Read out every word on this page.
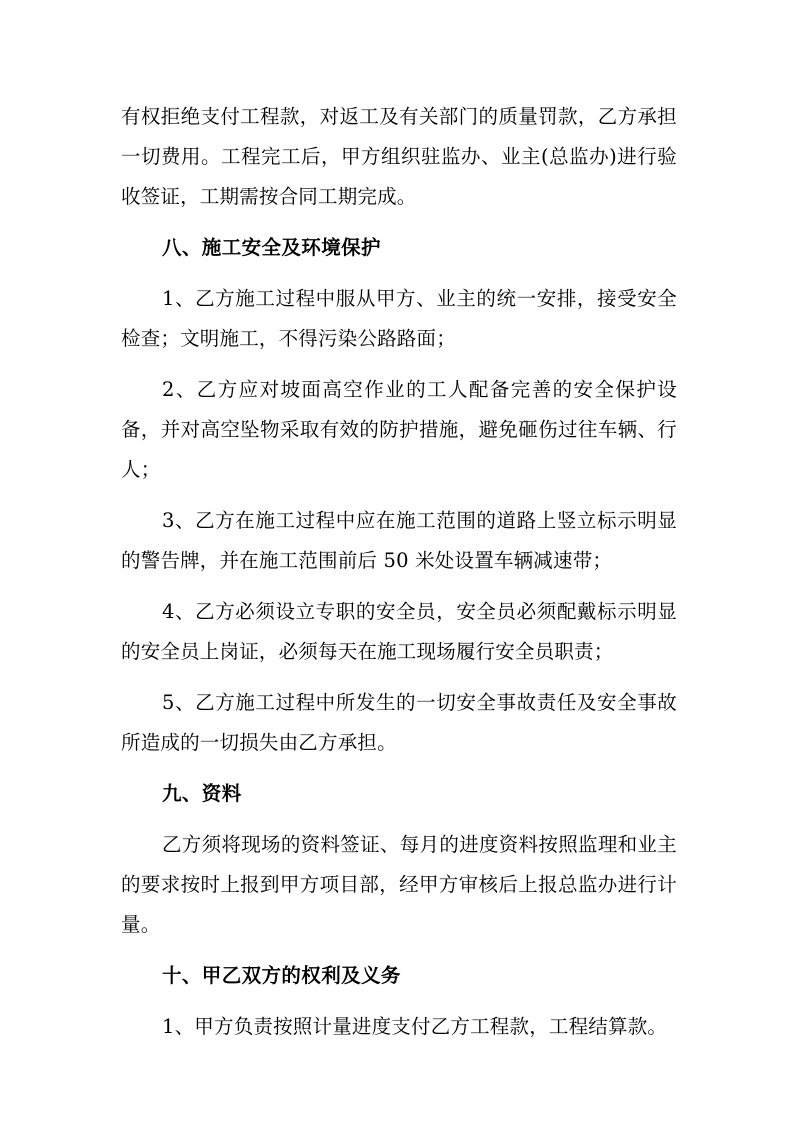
有权拒绝支付工程款，对返工及有关部门的质量罚款，乙方承担一切费用。工程完工后，甲方组织驻监办、业主(总监办)进行验收签证，工期需按合同工期完成。

八、施工安全及环境保护

1、乙方施工过程中服从甲方、业主的统一安排，接受安全检查；文明施工，不得污染公路路面；

2、乙方应对坡面高空作业的工人配备完善的安全保护设备，并对高空坠物采取有效的防护措施，避免砸伤过往车辆、行人；

3、乙方在施工过程中应在施工范围的道路上竖立标示明显的警告牌，并在施工范围前后 50 米处设置车辆减速带；

4、乙方必须设立专职的安全员，安全员必须配戴标示明显的安全员上岗证，必须每天在施工现场履行安全员职责；

5、乙方施工过程中所发生的一切安全事故责任及安全事故所造成的一切损失由乙方承担。

九、资料

乙方须将现场的资料签证、每月的进度资料按照监理和业主的要求按时上报到甲方项目部，经甲方审核后上报总监办进行计量。

十、甲乙双方的权利及义务

1、甲方负责按照计量进度支付乙方工程款，工程结算款。
